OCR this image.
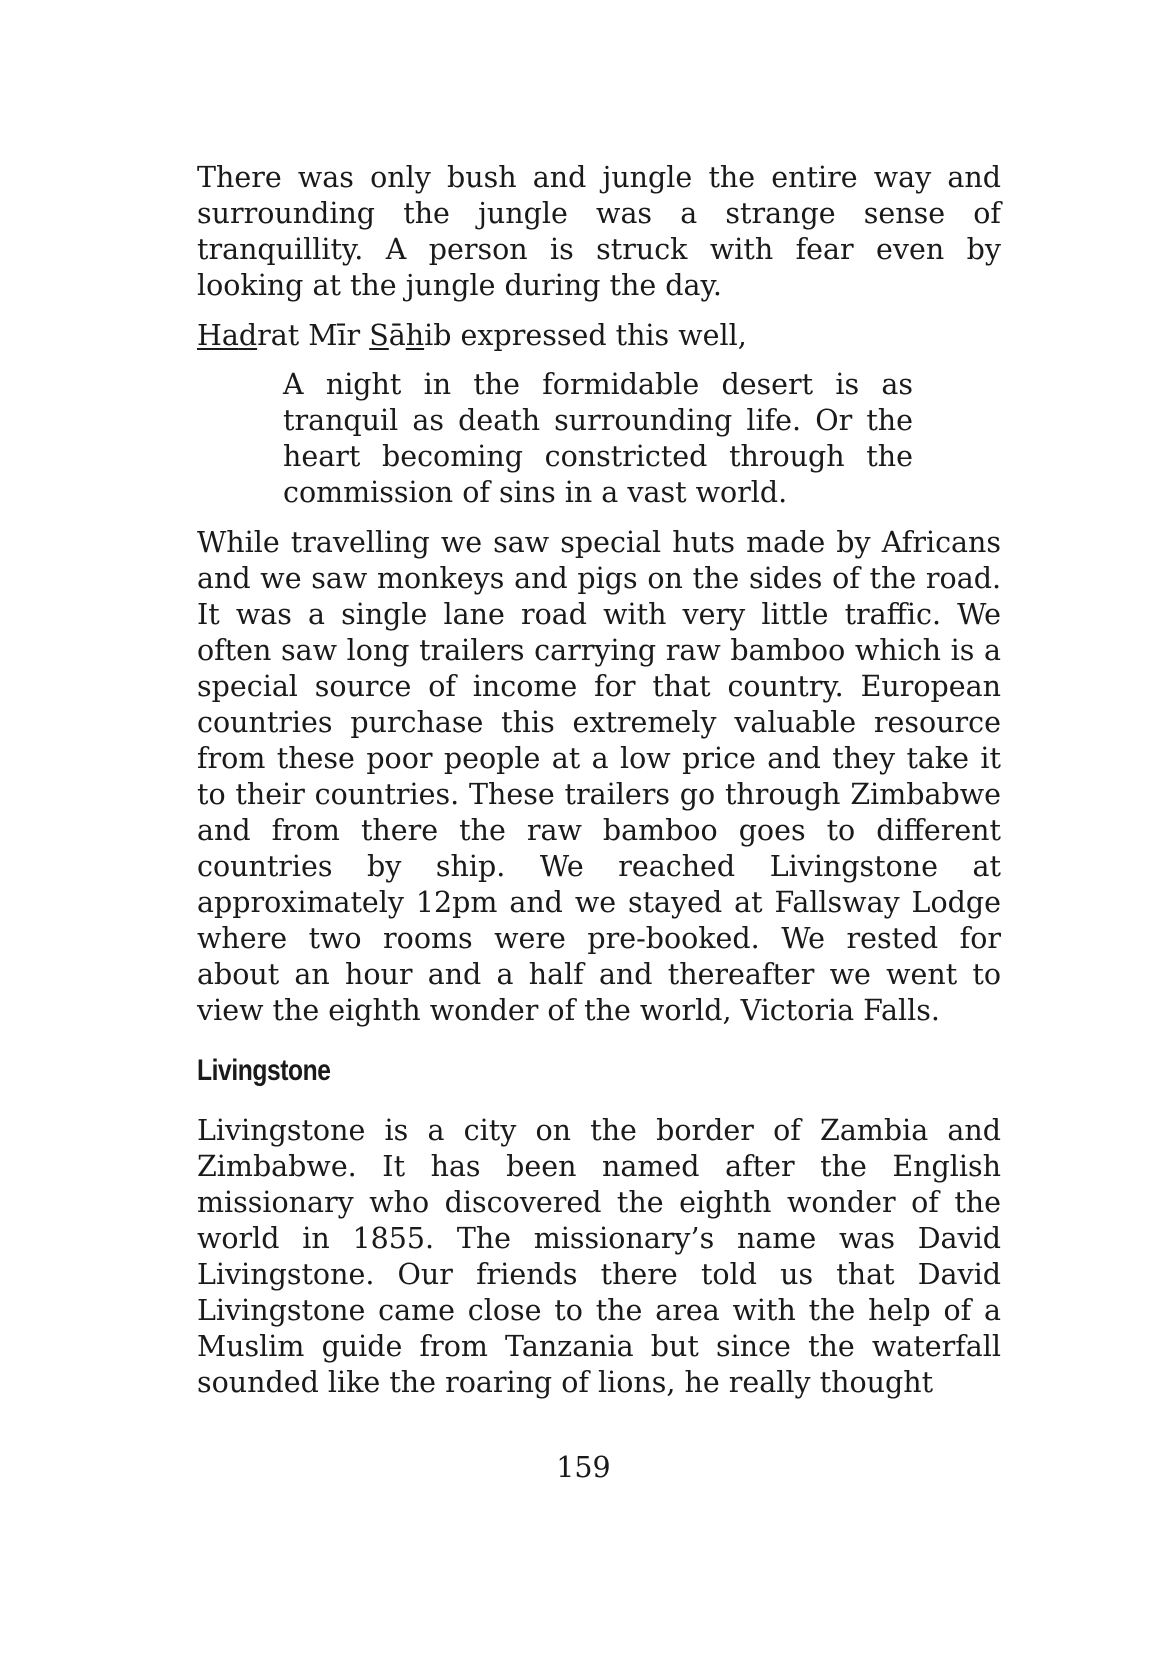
There was only bush and jungle the entire way and surrounding the jungle was a strange sense of tranquillity. A person is struck with fear even by looking at the jungle during the day.

Hadrat Mīr Sāhib expressed this well,

A night in the formidable desert is as tranquil as death surrounding life. Or the heart becoming constricted through the commission of sins in a vast world.

While travelling we saw special huts made by Africans and we saw monkeys and pigs on the sides of the road. It was a single lane road with very little traffic. We often saw long trailers carrying raw bamboo which is a special source of income for that country. European countries purchase this extremely valuable resource from these poor people at a low price and they take it to their countries. These trailers go through Zimbabwe and from there the raw bamboo goes to different countries by ship. We reached Livingstone at approximately 12pm and we stayed at Fallsway Lodge where two rooms were pre-booked. We rested for about an hour and a half and thereafter we went to view the eighth wonder of the world, Victoria Falls.

Livingstone

Livingstone is a city on the border of Zambia and Zimbabwe. It has been named after the English missionary who discovered the eighth wonder of the world in 1855. The missionary’s name was David Livingstone. Our friends there told us that David Livingstone came close to the area with the help of a Muslim guide from Tanzania but since the waterfall sounded like the roaring of lions, he really thought

159
